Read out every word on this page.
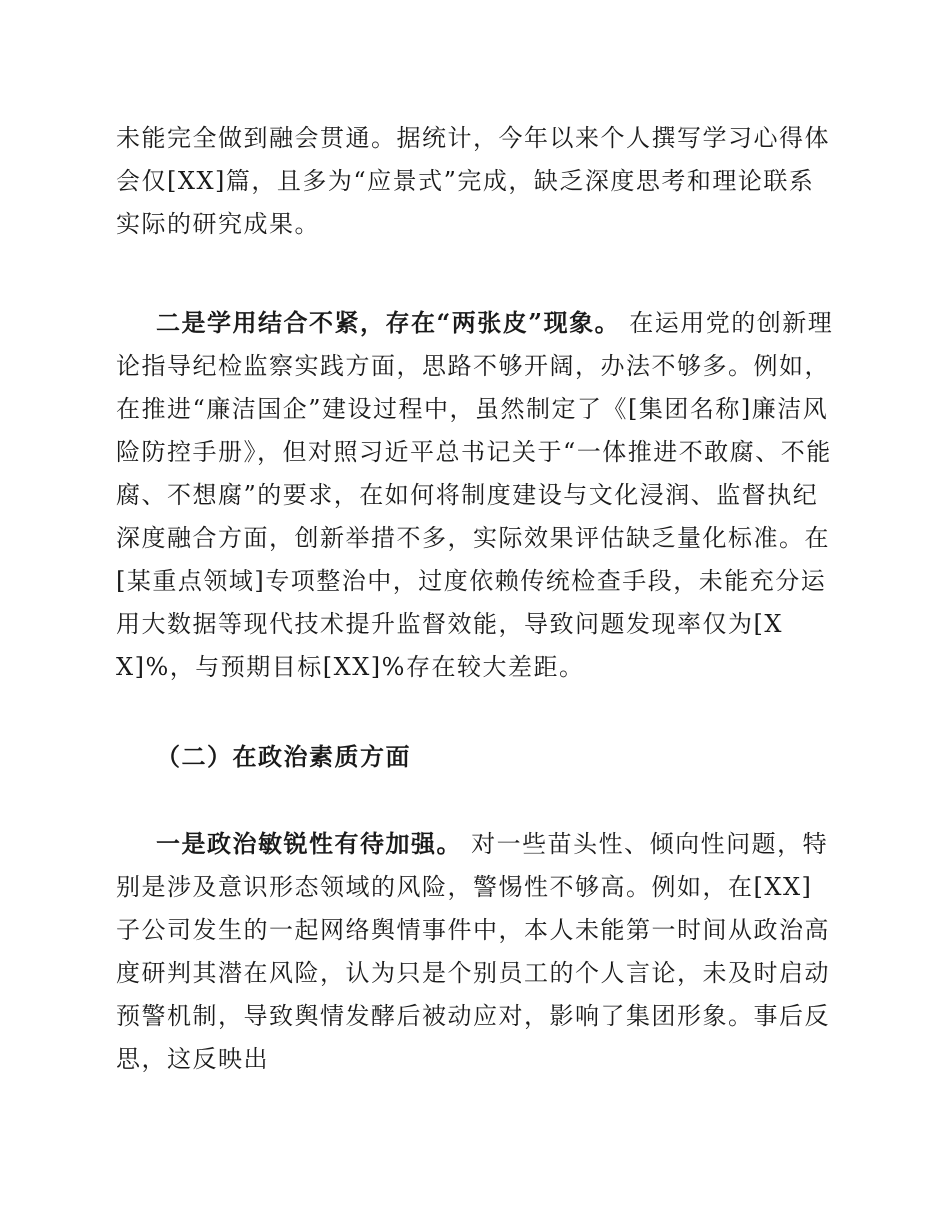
未能完全做到融会贯通。据统计，今年以来个人撰写学习心得体会仅[XX]篇，且多为“应景式”完成，缺乏深度思考和理论联系实际的研究成果。

二是学用结合不紧，存在“两张皮”现象。 在运用党的创新理论指导纪检监察实践方面，思路不够开阔，办法不够多。例如，在推进“廉洁国企”建设过程中，虽然制定了《[集团名称]廉洁风险防控手册》，但对照习近平总书记关于“一体推进不敢腐、不能腐、不想腐”的要求，在如何将制度建设与文化浸润、监督执纪深度融合方面，创新举措不多，实际效果评估缺乏量化标准。在[某重点领域]专项整治中，过度依赖传统检查手段，未能充分运用大数据等现代技术提升监督效能，导致问题发现率仅为[XX]%，与预期目标[XX]%存在较大差距。

（二）在政治素质方面

一是政治敏锐性有待加强。 对一些苗头性、倾向性问题，特别是涉及意识形态领域的风险，警惕性不够高。例如，在[XX]子公司发生的一起网络舆情事件中，本人未能第一时间从政治高度研判其潜在风险，认为只是个别员工的个人言论，未及时启动预警机制，导致舆情发酵后被动应对，影响了集团形象。事后反思，这反映出
